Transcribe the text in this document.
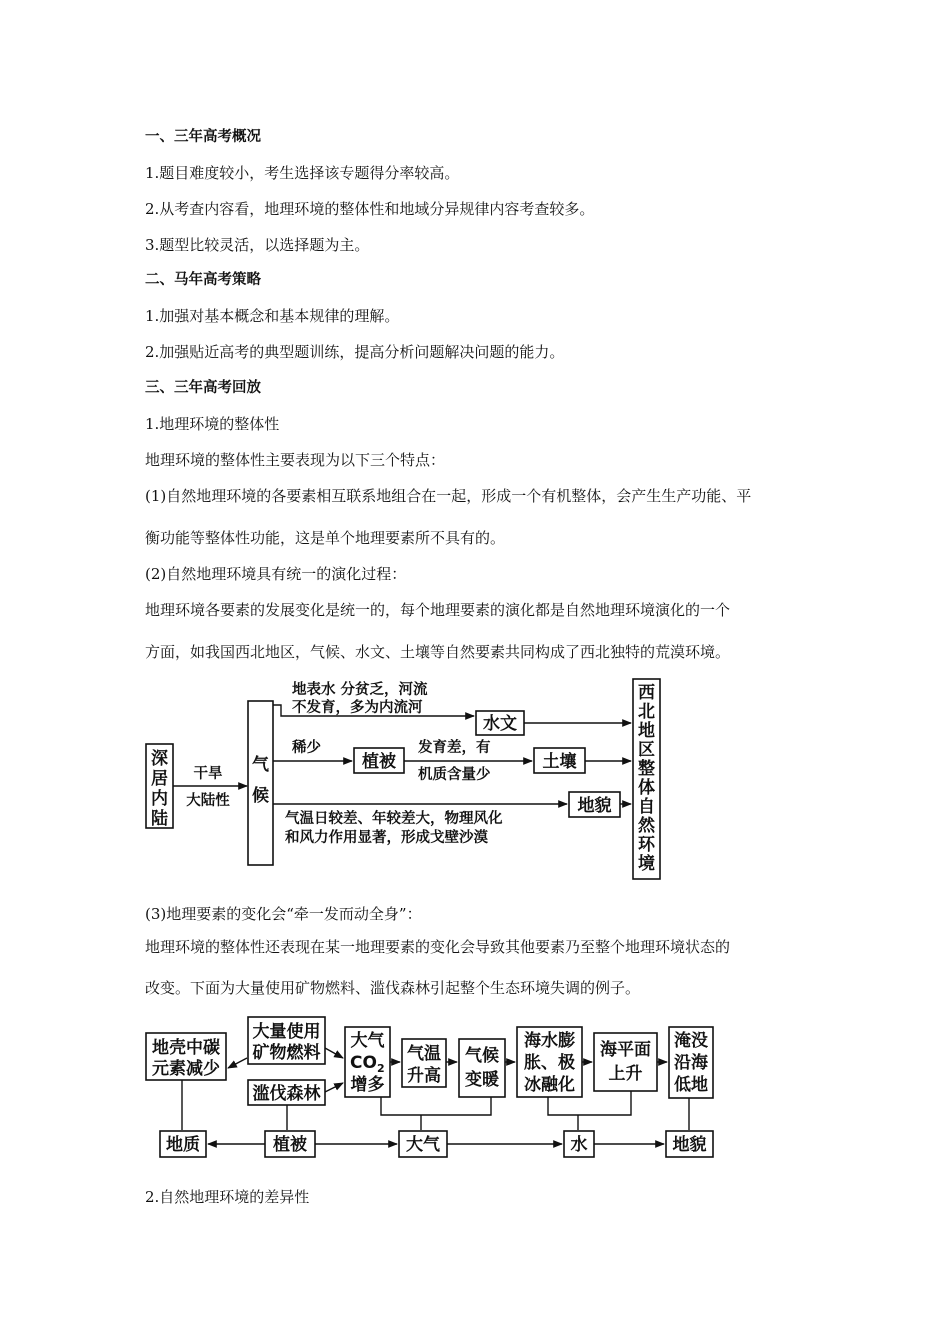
一、三年高考概况
1.题目难度较小，考生选择该专题得分率较高。
2.从考查内容看，地理环境的整体性和地域分异规律内容考查较多。
3.题型比较灵活，以选择题为主。
二、马年高考策略
1.加强对基本概念和基本规律的理解。
2.加强贴近高考的典型题训练，提高分析问题解决问题的能力。
三、三年高考回放
1.地理环境的整体性
地理环境的整体性主要表现为以下三个特点：
(1)自然地理环境的各要素相互联系地组合在一起，形成一个有机整体，会产生生产功能、平
衡功能等整体性功能，这是单个地理要素所不具有的。
(2)自然地理环境具有统一的演化过程：
地理环境各要素的发展变化是统一的，每个地理要素的演化都是自然地理环境演化的一个
方面，如我国西北地区，气候、水文、土壤等自然要素共同构成了西北独特的荒漠环境。
(3)地理要素的变化会“牵一发而动全身”：
地理环境的整体性还表现在某一地理要素的变化会导致其他要素乃至整个地理环境状态的
改变。下面为大量使用矿物燃料、滥伐森林引起整个生态环境失调的例子。
2.自然地理环境的差异性
深
居
内
陆
干旱
大陆性
气
候
地表水 分贫乏，河流
不发育，多为内流河
水文
稀少
植被
发育差，有
机质含量少
土壤
气温日较差、年较差大，物理风化
和风力作用显著，形成戈壁沙漠
地貌
西
北
地
区
整
体
自
然
环
境
地壳中碳
元素减少
大量使用
矿物燃料
滥伐森林
大气
$CO_2$
增多
气温
升高
气候
变暖
海水膨
胀、极
冰融化
海平面
上升
淹没
沿海
低地
地质	植被	大气	水	地貌
